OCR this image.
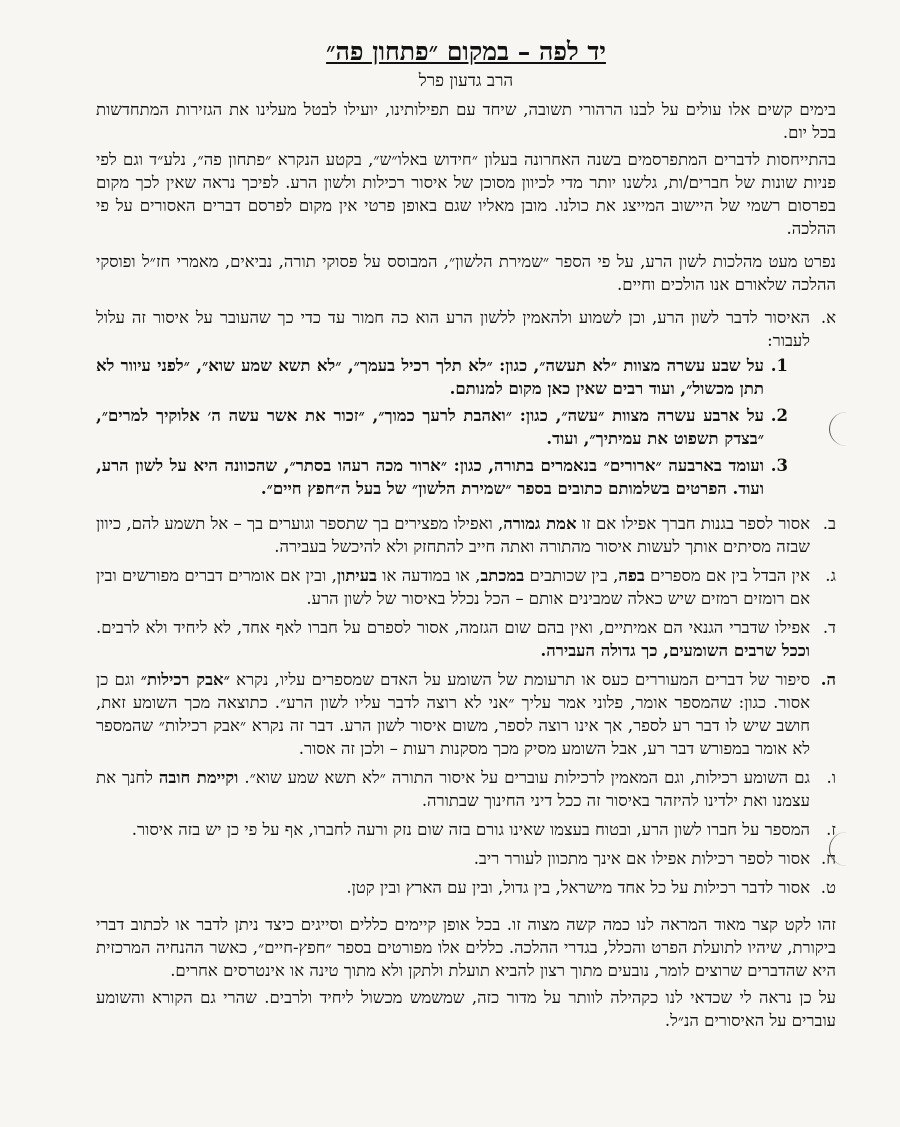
יד לפה – במקום ״פתחון פה״
הרב גדעון פרל

בימים קשים אלו עולים על לבנו הרהורי תשובה, שיחד עם תפילותינו, יועילו לבטל מעלינו את הגזירות המתחדשות בכל יום.

בהתייחסות לדברים המתפרסמים בשנה האחרונה בעלון ״חידוש באלו״ש״, בקטע הנקרא ״פתחון פה״, נלע״ד וגם לפי פניות שונות של חברים/ות, גלשנו יותר מדי לכיוון מסוכן של איסור רכילות ולשון הרע. לפיכך נראה שאין לכך מקום בפרסום רשמי של היישוב המייצג את כולנו. מובן מאליו שגם באופן פרטי אין מקום לפרסם דברים האסורים על פי ההלכה.

נפרט מעט מהלכות לשון הרע, על פי הספר ״שמירת הלשון״, המבוסס על פסוקי תורה, נביאים, מאמרי חז״ל ופוסקי ההלכה שלאורם אנו הולכים וחיים.

א.
האיסור לדבר לשון הרע, וכן לשמוע ולהאמין ללשון הרע הוא כה חמור עד כדי כך שהעובר על איסור זה עלול לעבור:
1.
על שבע עשרה מצוות ״לא תעשה״, כגון: ״לא תלך רכיל בעמך״, ״לא תשא שמע שוא״, ״לפני עיוור לא תתן מכשול״, ועוד רבים שאין כאן מקום למנותם.
2.
על ארבע עשרה מצוות ״עשה״, כגון: ״ואהבת לרעך כמוך״, ״זכור את אשר עשה ה׳ אלוקיך למרים״, ״בצדק תשפוט את עמיתיך״, ועוד.
3.
ועומד בארבעה ״ארורים״ בנאמרים בתורה, כגון: ״ארור מכה רעהו בסתר״, שהכוונה היא על לשון הרע, ועוד. הפרטים בשלמותם כתובים בספר ״שמירת הלשון״ של בעל ה״חפץ חיים״.
ב.
אסור לספר בגנות חברך אפילו אם זו אמת גמורה, ואפילו מפצירים בך שתספר וגוערים בך – אל תשמע להם, כיוון שבזה מסיתים אותך לעשות איסור מהתורה ואתה חייב להתחזק ולא להיכשל בעבירה.
ג.
אין הבדל בין אם מספרים בפה, בין שכותבים במכתב, או במודעה או בעיתון, ובין אם אומרים דברים מפורשים ובין אם רומזים רמזים שיש כאלה שמבינים אותם – הכל נכלל באיסור של לשון הרע.
ד.
אפילו שדברי הגנאי הם אמיתיים, ואין בהם שום הגזמה, אסור לספרם על חברו לאף אחד, לא ליחיד ולא לרבים. וככל שרבים השומעים, כך גדולה העבירה.
ה.
סיפור של דברים המעוררים כעס או תרעומת של השומע על האדם שמספרים עליו, נקרא ״אבק רכילות״ וגם כן אסור. כגון: שהמספר אומר, פלוני אמר עליך ״אני לא רוצה לדבר עליו לשון הרע״. כתוצאה מכך השומע זאת, חושב שיש לו דבר רע לספר, אך אינו רוצה לספר, משום איסור לשון הרע. דבר זה נקרא ״אבק רכילות״ שהמספר לא אומר במפורש דבר רע, אבל השומע מסיק מכך מסקנות רעות – ולכן זה אסור.
ו.
גם השומע רכילות, וגם המאמין לרכילות עוברים על איסור התורה ״לא תשא שמע שוא״. וקיימת חובה לחנך את עצמנו ואת ילדינו להיזהר באיסור זה ככל דיני החינוך שבתורה.
ז.
המספר על חברו לשון הרע, ובטוח בעצמו שאינו גורם בזה שום נזק ורעה לחברו, אף על פי כן יש בזה איסור.
ח.
אסור לספר רכילות אפילו אם אינך מתכוון לעורר ריב.
ט.
אסור לדבר רכילות על כל אחד מישראל, בין גדול, ובין עם הארץ ובין קטן.

זהו לקט קצר מאוד המראה לנו כמה קשה מצוה זו. בכל אופן קיימים כללים וסייגים כיצד ניתן לדבר או לכתוב דברי ביקורת, שיהיו לתועלת הפרט והכלל, בגדרי ההלכה. כללים אלו מפורטים בספר ״חפץ-חיים״, כאשר ההנחיה המרכזית היא שהדברים שרוצים לומר, נובעים מתוך רצון להביא תועלת ולתקן ולא מתוך טינה או אינטרסים אחרים.

על כן נראה לי שכדאי לנו כקהילה לוותר על מדור כזה, שמשמש מכשול ליחיד ולרבים. שהרי גם הקורא והשומע עוברים על האיסורים הנ״ל.
